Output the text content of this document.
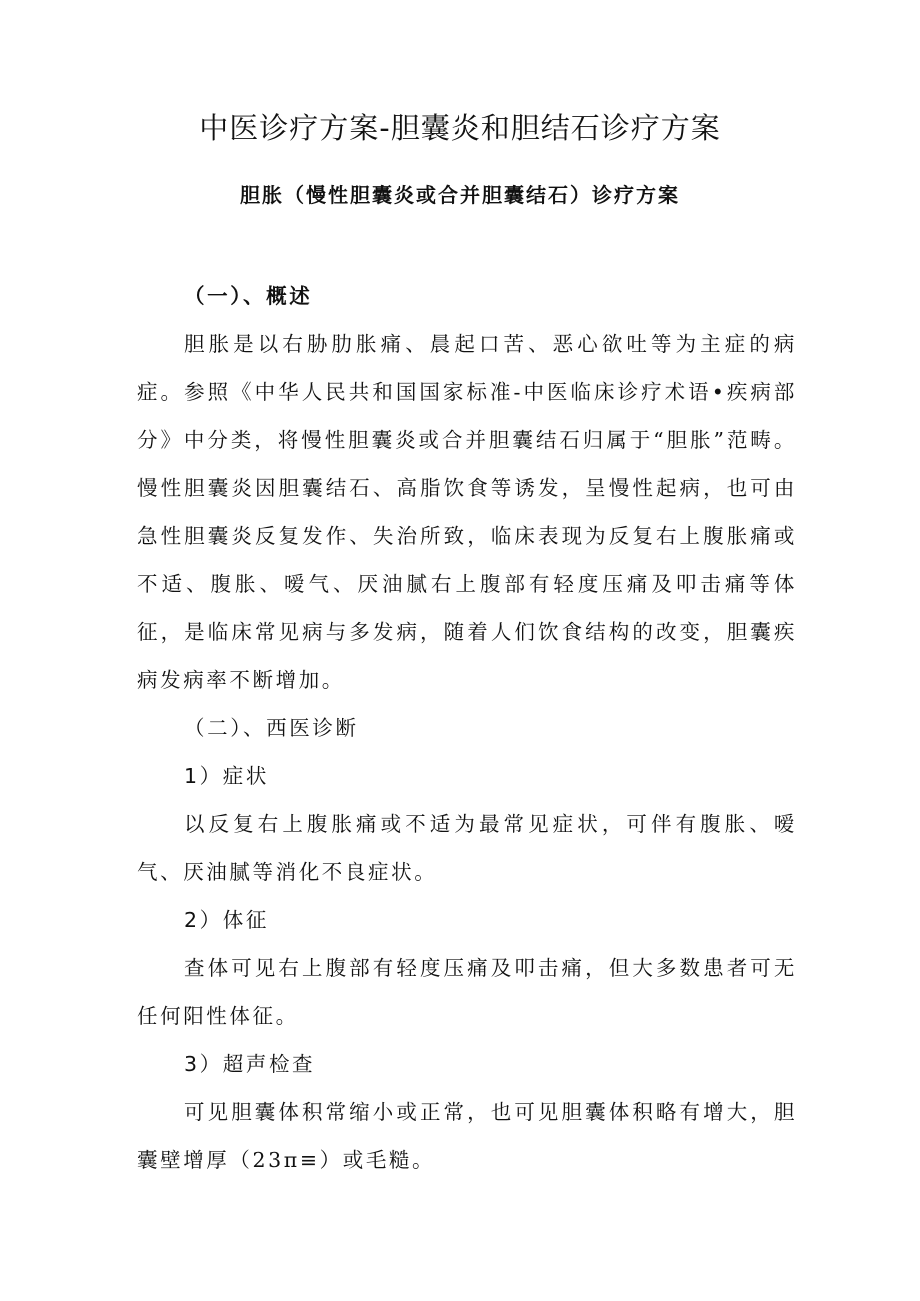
中医诊疗方案-胆囊炎和胆结石诊疗方案
胆胀（慢性胆囊炎或合并胆囊结石）诊疗方案

（一）、概述

胆胀是以右胁肋胀痛、晨起口苦、恶心欲吐等为主症的病症。参照《中华人民共和国国家标准-中医临床诊疗术语•疾病部分》中分类，将慢性胆囊炎或合并胆囊结石归属于“胆胀”范畴。慢性胆囊炎因胆囊结石、高脂饮食等诱发，呈慢性起病，也可由急性胆囊炎反复发作、失治所致，临床表现为反复右上腹胀痛或不适、腹胀、嗳气、厌油腻右上腹部有轻度压痛及叩击痛等体征，是临床常见病与多发病，随着人们饮食结构的改变，胆囊疾病发病率不断增加。

（二）、西医诊断

1）症状

以反复右上腹胀痛或不适为最常见症状，可伴有腹胀、嗳气、厌油腻等消化不良症状。

2）体征

查体可见右上腹部有轻度压痛及叩击痛，但大多数患者可无任何阳性体征。

3）超声检查

可见胆囊体积常缩小或正常，也可见胆囊体积略有增大，胆囊壁增厚（23π≡）或毛糙。
